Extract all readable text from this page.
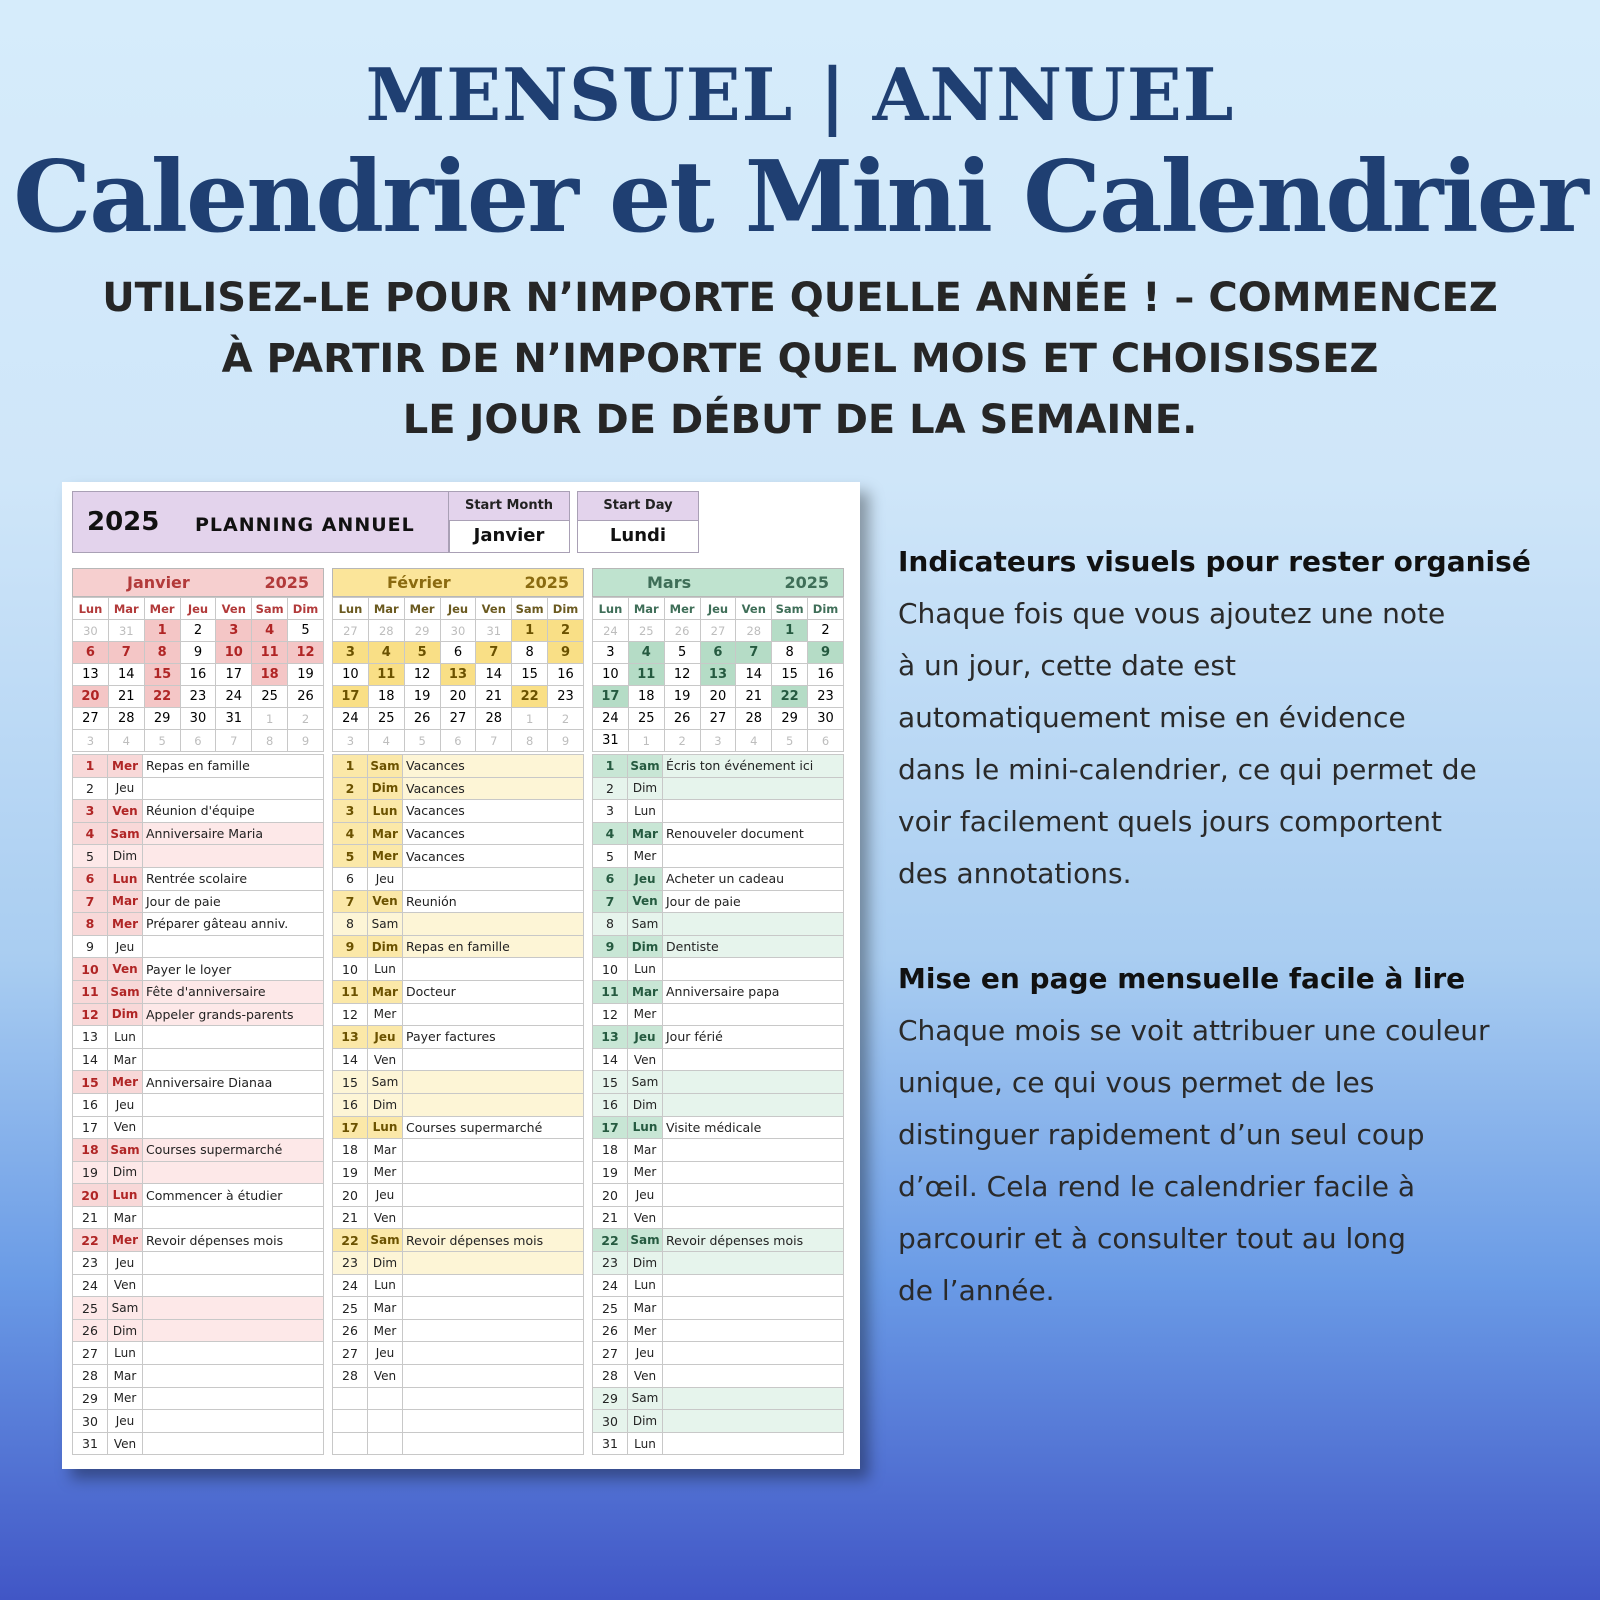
MENSUEL | ANNUEL
Calendrier et Mini Calendrier
UTILISEZ-LE POUR N’IMPORTE QUELLE ANNÉE ! – COMMENCEZ
À PARTIR DE N’IMPORTE QUEL MOIS ET CHOISISSEZ
LE JOUR DE DÉBUT DE LA SEMAINE.
2025 PLANNING ANNUEL
Start Month
Janvier
Start Day
Lundi
Janvier	2025
Lun	Mar	Mer	Jeu	Ven	Sam	Dim
30	31	1	2	3	4	5
6	7	8	9	10	11	12
13	14	15	16	17	18	19
20	21	22	23	24	25	26
27	28	29	30	31	1	2
3	4	5	6	7	8	9
1	Mer	Repas en famille
2	Jeu	
3	Ven	Réunion d'équipe
4	Sam	Anniversaire Maria
5	Dim	
6	Lun	Rentrée scolaire
7	Mar	Jour de paie
8	Mer	Préparer gâteau anniv.
9	Jeu	
10	Ven	Payer le loyer
11	Sam	Fête d'anniversaire
12	Dim	Appeler grands-parents
13	Lun	
14	Mar	
15	Mer	Anniversaire Dianaa
16	Jeu	
17	Ven	
18	Sam	Courses supermarché
19	Dim	
20	Lun	Commencer à étudier
21	Mar	
22	Mer	Revoir dépenses mois
23	Jeu	
24	Ven	
25	Sam	
26	Dim	
27	Lun	
28	Mar	
29	Mer	
30	Jeu	
31	Ven	
Février	2025
Lun	Mar	Mer	Jeu	Ven	Sam	Dim
27	28	29	30	31	1	2
3	4	5	6	7	8	9
10	11	12	13	14	15	16
17	18	19	20	21	22	23
24	25	26	27	28	1	2
3	4	5	6	7	8	9
1	Sam	Vacances
2	Dim	Vacances
3	Lun	Vacances
4	Mar	Vacances
5	Mer	Vacances
6	Jeu	
7	Ven	Reunión
8	Sam	
9	Dim	Repas en famille
10	Lun	
11	Mar	Docteur
12	Mer	
13	Jeu	Payer factures
14	Ven	
15	Sam	
16	Dim	
17	Lun	Courses supermarché
18	Mar	
19	Mer	
20	Jeu	
21	Ven	
22	Sam	Revoir dépenses mois
23	Dim	
24	Lun	
25	Mar	
26	Mer	
27	Jeu	
28	Ven	

Mars	2025
Lun	Mar	Mer	Jeu	Ven	Sam	Dim
24	25	26	27	28	1	2
3	4	5	6	7	8	9
10	11	12	13	14	15	16
17	18	19	20	21	22	23
24	25	26	27	28	29	30
31	1	2	3	4	5	6
1	Sam	Écris ton événement ici
2	Dim	
3	Lun	
4	Mar	Renouveler document
5	Mer	
6	Jeu	Acheter un cadeau
7	Ven	Jour de paie
8	Sam	
9	Dim	Dentiste
10	Lun	
11	Mar	Anniversaire papa
12	Mer	
13	Jeu	Jour férié
14	Ven	
15	Sam	
16	Dim	
17	Lun	Visite médicale
18	Mar	
19	Mer	
20	Jeu	
21	Ven	
22	Sam	Revoir dépenses mois
23	Dim	
24	Lun	
25	Mar	
26	Mer	
27	Jeu	
28	Ven	
29	Sam	
30	Dim	
31	Lun	
Indicateurs visuels pour rester organisé

Chaque fois que vous ajoutez une note

à un jour, cette date est

automatiquement mise en évidence

dans le mini-calendrier, ce qui permet de

voir facilement quels jours comportent

des annotations.

Mise en page mensuelle facile à lire

Chaque mois se voit attribuer une couleur

unique, ce qui vous permet de les

distinguer rapidement d’un seul coup

d’œil. Cela rend le calendrier facile à

parcourir et à consulter tout au long

de l’année.
